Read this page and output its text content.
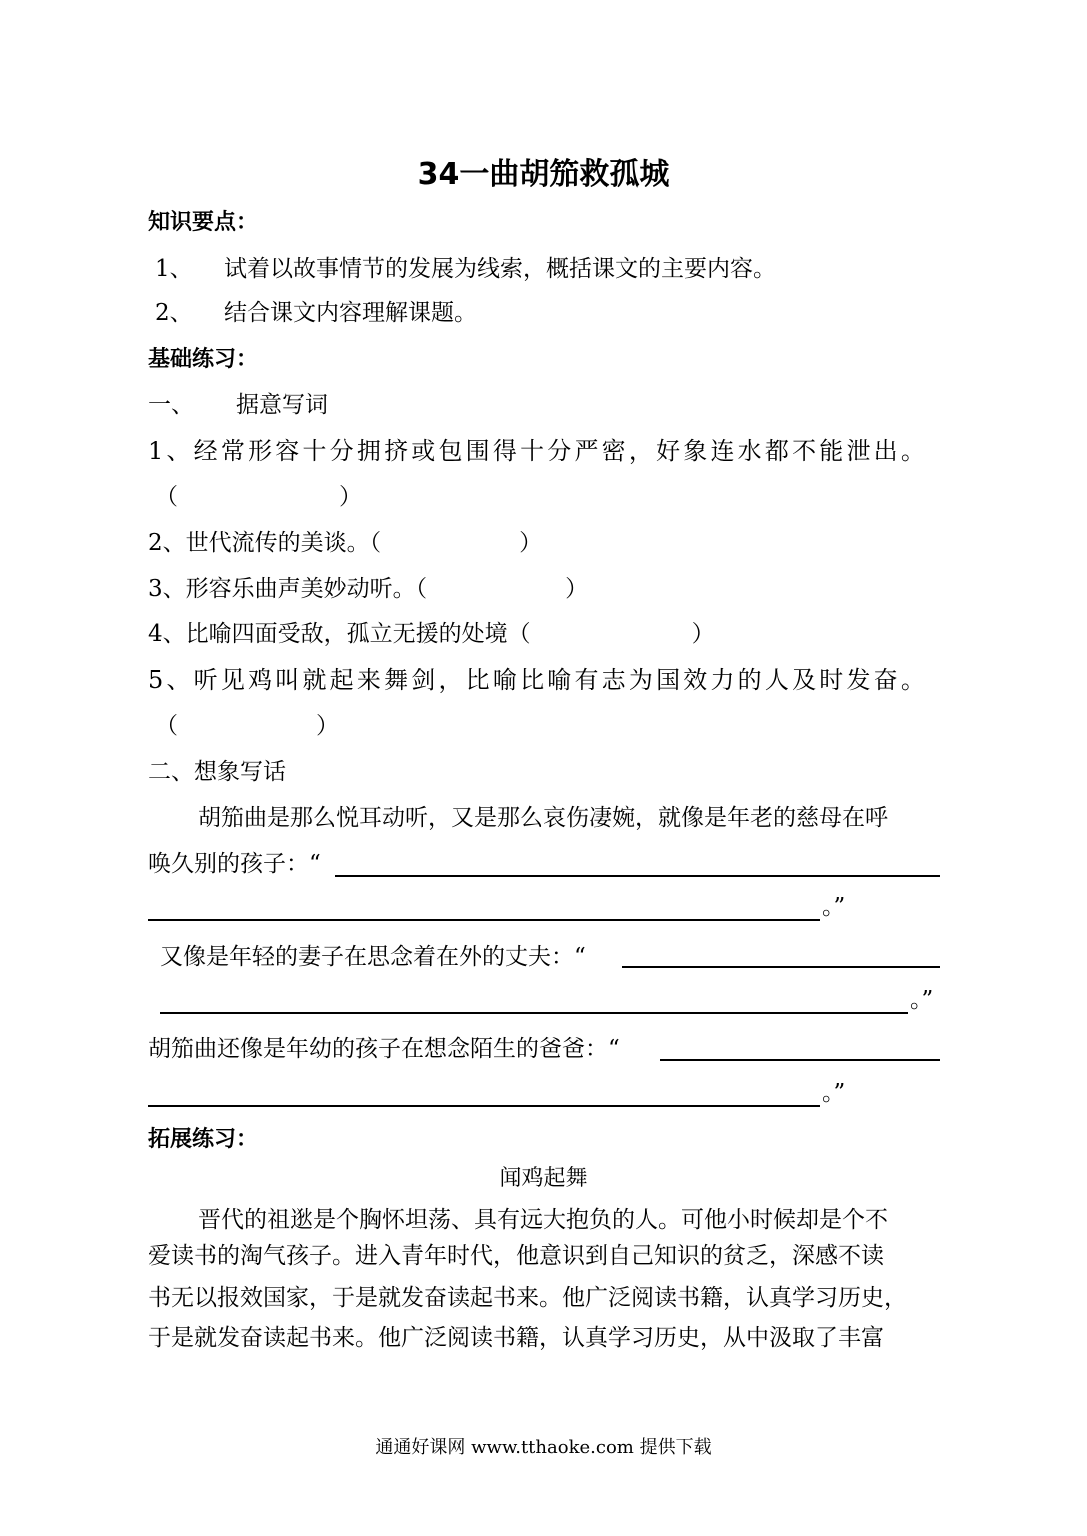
34一曲胡笳救孤城
知识要点：
1、 试着以故事情节的发展为线索，概括课文的主要内容。
2、 结合课文内容理解课题。
基础练习：
一、 据意写词
1、经常形容十分拥挤或包围得十分严密，好象连水都不能泄出。
（　　　　　　　）
2、世代流传的美谈。（　　　　　　）
3、形容乐曲声美妙动听。（　　　　　　）
4、比喻四面受敌，孤立无援的处境（　　　　　　　）
5、听见鸡叫就起来舞剑，比喻比喻有志为国效力的人及时发奋。
（　　　　　　）
二、想象写话
胡笳曲是那么悦耳动听，又是那么哀伤凄婉，就像是年老的慈母在呼
唤久别的孩子：“
。”
又像是年轻的妻子在思念着在外的丈夫：“
。”
胡笳曲还像是年幼的孩子在想念陌生的爸爸：“
。”
拓展练习：
闻鸡起舞
晋代的祖逖是个胸怀坦荡、具有远大抱负的人。可他小时候却是个不
爱读书的淘气孩子。进入青年时代，他意识到自己知识的贫乏，深感不读
书无以报效国家，于是就发奋读起书来。他广泛阅读书籍，认真学习历史，
于是就发奋读起书来。他广泛阅读书籍，认真学习历史，从中汲取了丰富
通通好课网 www.tthaoke.com 提供下载
